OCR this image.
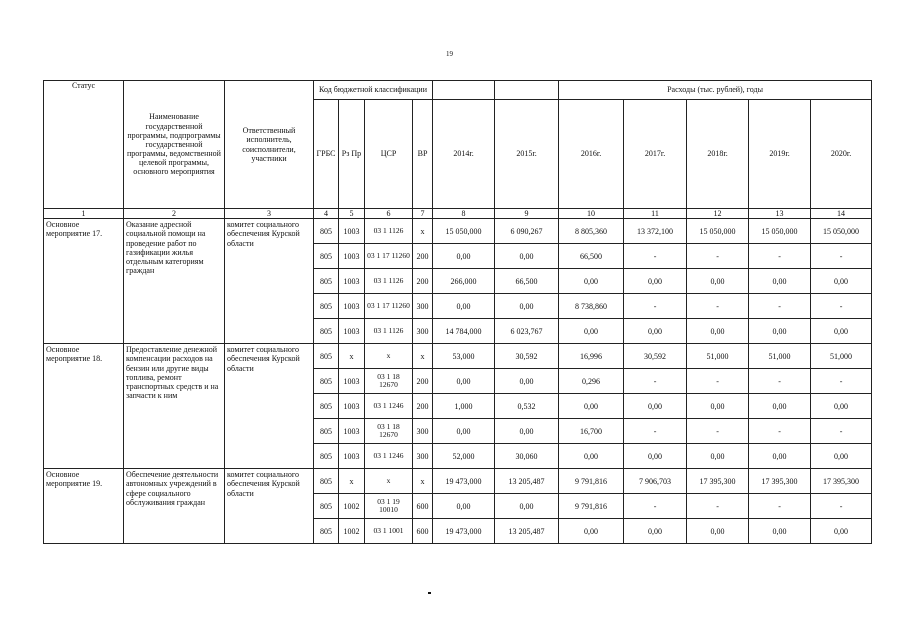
19
Статус	Наименование государственной программы, подпрограммы государственной программы, ведомственной целевой программы, основного мероприятия	Ответственный исполнитель, соисполнители, участники	Код бюджетной классификации						Расходы (тыс. рублей), годы				
			ГРБС	Рз Пр	ЦСР	ВР	2014г.	2015г.	2016г.	2017г.	2018г.	2019г.	2020г.
1	2	3	4	5	6	7	8	9	10	11	12	13	14
Основное мероприятие 17.	Оказание адресной социальной помощи на проведение работ по газификации жилья отдельным категориям граждан	комитет социального обеспечения Курской области	805	1003	03 1 1126	x	15 050,000	6 090,267	8 805,360	13 372,100	15 050,000	15 050,000	15 050,000
			805	1003	03 1 17 11260	200	0,00	0,00	66,500	-	-	-	-
			805	1003	03 1 1126	200	266,000	66,500	0,00	0,00	0,00	0,00	0,00
			805	1003	03 1 17 11260	300	0,00	0,00	8 738,860	-	-	-	-
			805	1003	03 1 1126	300	14 784,000	6 023,767	0,00	0,00	0,00	0,00	0,00
Основное мероприятие 18.	Предоставление денежной компенсации расходов на бензин или другие виды топлива, ремонт транспортных средств и на запчасти к ним	комитет социального обеспечения Курской области	805	x	x	x	53,000	30,592	16,996	30,592	51,000	51,000	51,000
			805	1003	03 1 18 12670	200	0,00	0,00	0,296	-	-	-	-
			805	1003	03 1 1246	200	1,000	0,532	0,00	0,00	0,00	0,00	0,00
			805	1003	03 1 18 12670	300	0,00	0,00	16,700	-	-	-	-
			805	1003	03 1 1246	300	52,000	30,060	0,00	0,00	0,00	0,00	0,00
Основное мероприятие 19.	Обеспечение деятельности автономных учреждений в сфере социального обслуживания граждан	комитет социального обеспечения Курской области	805	x	x	x	19 473,000	13 205,487	9 791,816	7 906,703	17 395,300	17 395,300	17 395,300
			805	1002	03 1 19 10010	600	0,00	0,00	9 791,816	-	-	-	-
			805	1002	03 1 1001	600	19 473,000	13 205,487	0,00	0,00	0,00	0,00	0,00
